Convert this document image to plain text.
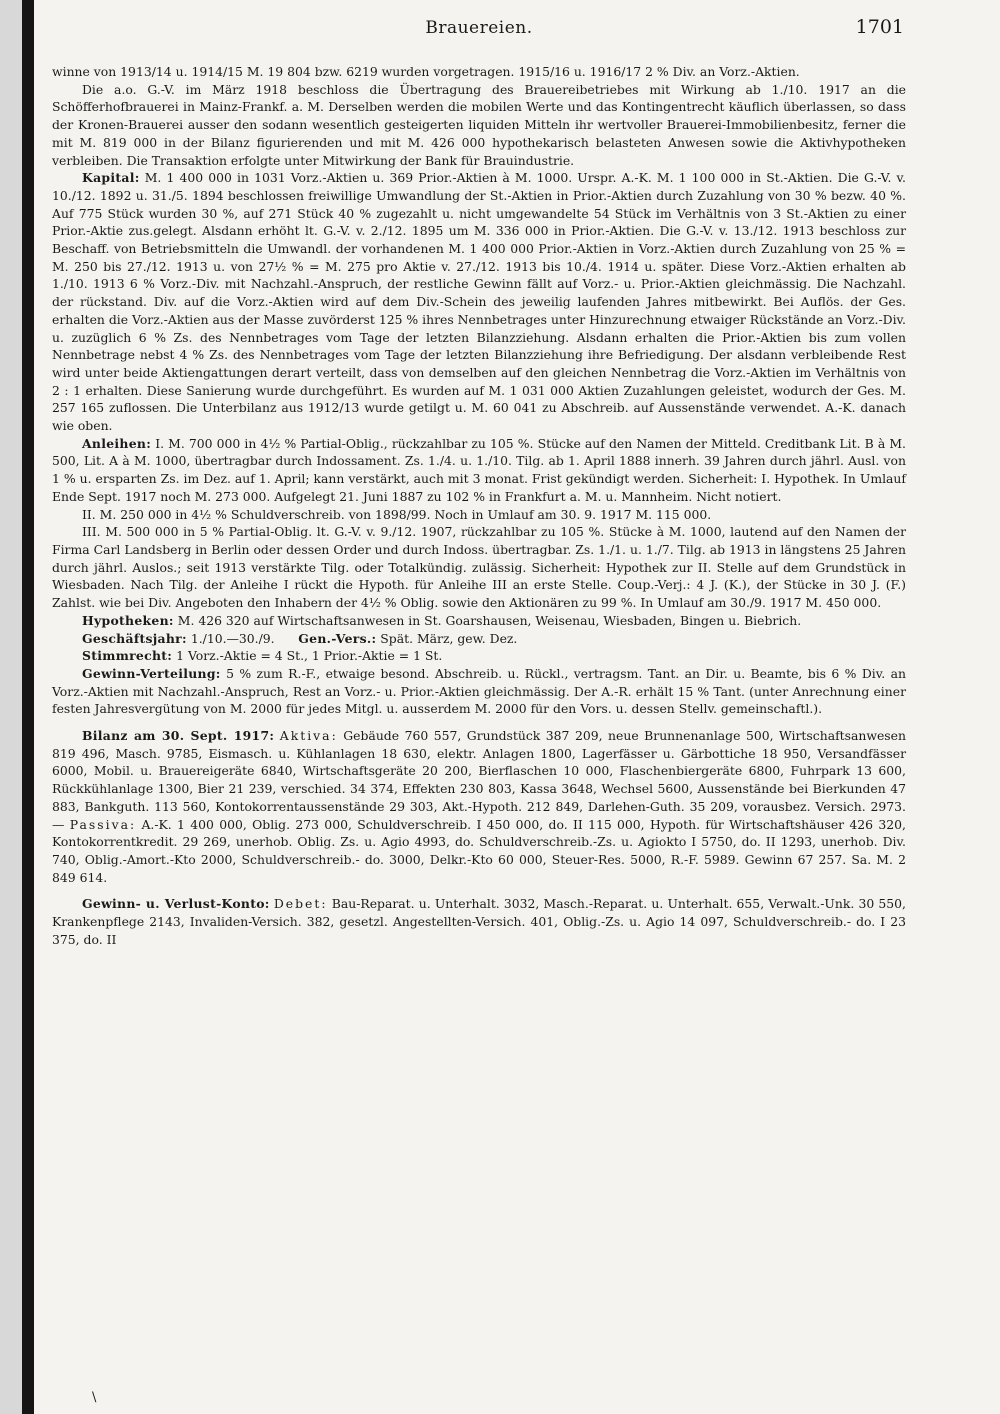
Brauereien.	1701

winne von 1913/14 u. 1914/15 M. 19 804 bzw. 6219 wurden vorgetragen. 1915/16 u. 1916/17 2 % Div. an Vorz.-Aktien.

Die a.o. G.-V. im März 1918 beschloss die Übertragung des Brauereibetriebes mit Wirkung ab 1./10. 1917 an die Schöfferhofbrauerei in Mainz-Frankf. a. M. Derselben werden die mobilen Werte und das Kontingentrecht käuflich überlassen, so dass der Kronen-Brauerei ausser den sodann wesentlich gesteigerten liquiden Mitteln ihr wertvoller Brauerei-Immobilienbesitz, ferner die mit M. 819 000 in der Bilanz figurierenden und mit M. 426 000 hypothekarisch belasteten Anwesen sowie die Aktivhypotheken verbleiben. Die Transaktion erfolgte unter Mitwirkung der Bank für Brauindustrie.

Kapital: M. 1 400 000 in 1031 Vorz.-Aktien u. 369 Prior.-Aktien à M. 1000. Urspr. A.-K. M. 1 100 000 in St.-Aktien. Die G.-V. v. 10./12. 1892 u. 31./5. 1894 beschlossen freiwillige Umwandlung der St.-Aktien in Prior.-Aktien durch Zuzahlung von 30 % bezw. 40 %. Auf 775 Stück wurden 30 %, auf 271 Stück 40 % zugezahlt u. nicht umgewandelte 54 Stück im Verhältnis von 3 St.-Aktien zu einer Prior.-Aktie zus.gelegt. Alsdann erhöht lt. G.-V. v. 2./12. 1895 um M. 336 000 in Prior.-Aktien. Die G.-V. v. 13./12. 1913 beschloss zur Beschaff. von Betriebsmitteln die Umwandl. der vorhandenen M. 1 400 000 Prior.-Aktien in Vorz.-Aktien durch Zuzahlung von 25 % = M. 250 bis 27./12. 1913 u. von 27½ % = M. 275 pro Aktie v. 27./12. 1913 bis 10./4. 1914 u. später. Diese Vorz.-Aktien erhalten ab 1./10. 1913 6 % Vorz.-Div. mit Nachzahl.-Anspruch, der restliche Gewinn fällt auf Vorz.- u. Prior.-Aktien gleichmässig. Die Nachzahl. der rückstand. Div. auf die Vorz.-Aktien wird auf dem Div.-Schein des jeweilig laufenden Jahres mitbewirkt. Bei Auflös. der Ges. erhalten die Vorz.-Aktien aus der Masse zuvörderst 125 % ihres Nennbetrages unter Hinzurechnung etwaiger Rückstände an Vorz.-Div. u. zuzüglich 6 % Zs. des Nennbetrages vom Tage der letzten Bilanzziehung. Alsdann erhalten die Prior.-Aktien bis zum vollen Nennbetrage nebst 4 % Zs. des Nennbetrages vom Tage der letzten Bilanzziehung ihre Befriedigung. Der alsdann verbleibende Rest wird unter beide Aktiengattungen derart verteilt, dass von demselben auf den gleichen Nennbetrag die Vorz.-Aktien im Verhältnis von 2 : 1 erhalten. Diese Sanierung wurde durchgeführt. Es wurden auf M. 1 031 000 Aktien Zuzahlungen geleistet, wodurch der Ges. M. 257 165 zuflossen. Die Unterbilanz aus 1912/13 wurde getilgt u. M. 60 041 zu Abschreib. auf Aussenstände verwendet. A.-K. danach wie oben.

Anleihen: I. M. 700 000 in 4½ % Partial-Oblig., rückzahlbar zu 105 %. Stücke auf den Namen der Mitteld. Creditbank Lit. B à M. 500, Lit. A à M. 1000, übertragbar durch Indossament. Zs. 1./4. u. 1./10. Tilg. ab 1. April 1888 innerh. 39 Jahren durch jährl. Ausl. von 1 % u. ersparten Zs. im Dez. auf 1. April; kann verstärkt, auch mit 3 monat. Frist gekündigt werden. Sicherheit: I. Hypothek. In Umlauf Ende Sept. 1917 noch M. 273 000. Aufgelegt 21. Juni 1887 zu 102 % in Frankfurt a. M. u. Mannheim. Nicht notiert.

II. M. 250 000 in 4½ % Schuldverschreib. von 1898/99. Noch in Umlauf am 30. 9. 1917 M. 115 000.

III. M. 500 000 in 5 % Partial-Oblig. lt. G.-V. v. 9./12. 1907, rückzahlbar zu 105 %. Stücke à M. 1000, lautend auf den Namen der Firma Carl Landsberg in Berlin oder dessen Order und durch Indoss. übertragbar. Zs. 1./1. u. 1./7. Tilg. ab 1913 in längstens 25 Jahren durch jährl. Auslos.; seit 1913 verstärkte Tilg. oder Totalkündig. zulässig. Sicherheit: Hypothek zur II. Stelle auf dem Grundstück in Wiesbaden. Nach Tilg. der Anleihe I rückt die Hypoth. für Anleihe III an erste Stelle. Coup.-Verj.: 4 J. (K.), der Stücke in 30 J. (F.) Zahlst. wie bei Div. Angeboten den Inhabern der 4½ % Oblig. sowie den Aktionären zu 99 %. In Umlauf am 30./9. 1917 M. 450 000.

Hypotheken: M. 426 320 auf Wirtschaftsanwesen in St. Goarshausen, Weisenau, Wiesbaden, Bingen u. Biebrich.

Geschäftsjahr: 1./10.—30./9. Gen.-Vers.: Spät. März, gew. Dez.

Stimmrecht: 1 Vorz.-Aktie = 4 St., 1 Prior.-Aktie = 1 St.

Gewinn-Verteilung: 5 % zum R.-F., etwaige besond. Abschreib. u. Rückl., vertragsm. Tant. an Dir. u. Beamte, bis 6 % Div. an Vorz.-Aktien mit Nachzahl.-Anspruch, Rest an Vorz.- u. Prior.-Aktien gleichmässig. Der A.-R. erhält 15 % Tant. (unter Anrechnung einer festen Jahresvergütung von M. 2000 für jedes Mitgl. u. ausserdem M. 2000 für den Vors. u. dessen Stellv. gemeinschaftl.).

Bilanz am 30. Sept. 1917: Aktiva: Gebäude 760 557, Grundstück 387 209, neue Brunnenanlage 500, Wirtschaftsanwesen 819 496, Masch. 9785, Eismasch. u. Kühlanlagen 18 630, elektr. Anlagen 1800, Lagerfässer u. Gärbottiche 18 950, Versandfässer 6000, Mobil. u. Brauereigeräte 6840, Wirtschaftsgeräte 20 200, Bierflaschen 10 000, Flaschenbiergeräte 6800, Fuhrpark 13 600, Rückkühlanlage 1300, Bier 21 239, verschied. 34 374, Effekten 230 803, Kassa 3648, Wechsel 5600, Aussenstände bei Bierkunden 47 883, Bankguth. 113 560, Kontokorrentaussenstände 29 303, Akt.-Hypoth. 212 849, Darlehen-Guth. 35 209, vorausbez. Versich. 2973. — Passiva: A.-K. 1 400 000, Oblig. 273 000, Schuldverschreib. I 450 000, do. II 115 000, Hypoth. für Wirtschaftshäuser 426 320, Kontokorrentkredit. 29 269, unerhob. Oblig. Zs. u. Agio 4993, do. Schuldverschreib.-Zs. u. Agiokto I 5750, do. II 1293, unerhob. Div. 740, Oblig.-Amort.-Kto 2000, Schuldverschreib.- do. 3000, Delkr.-Kto 60 000, Steuer-Res. 5000, R.-F. 5989. Gewinn 67 257. Sa. M. 2 849 614.

Gewinn- u. Verlust-Konto: Debet: Bau-Reparat. u. Unterhalt. 3032, Masch.-Reparat. u. Unterhalt. 655, Verwalt.-Unk. 30 550, Krankenpflege 2143, Invaliden-Versich. 382, gesetzl. Angestellten-Versich. 401, Oblig.-Zs. u. Agio 14 097, Schuldverschreib.- do. I 23 375, do. II

\
